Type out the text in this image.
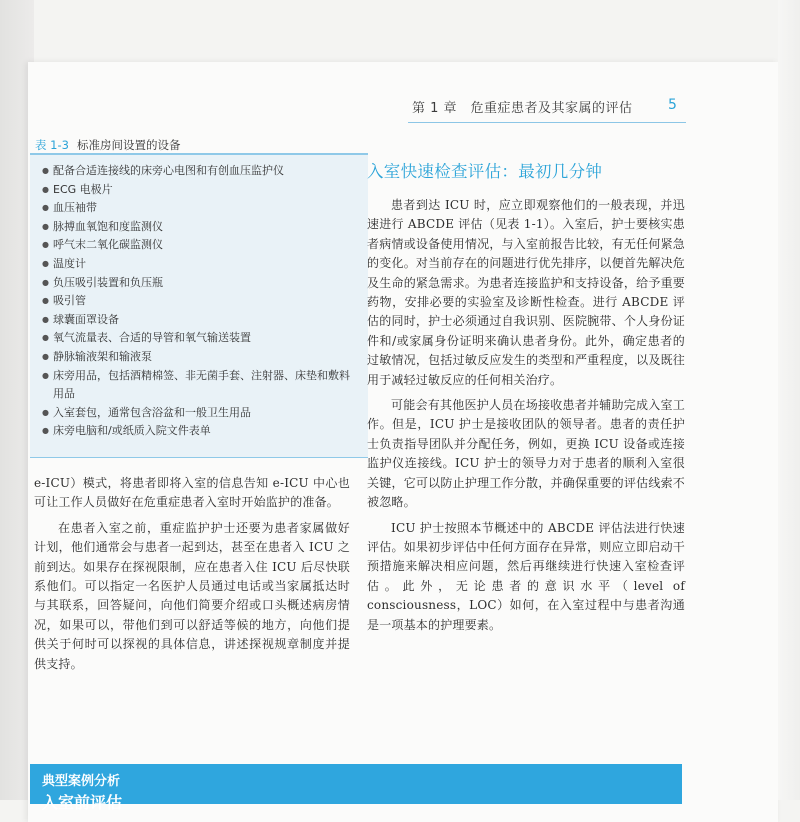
第 1 章　危重症患者及其家属的评估	5
表 1-3 标准房间设置的设备
● 配备合适连接线的床旁心电图和有创血压监护仪
● ECG 电极片
● 血压袖带
● 脉搏血氧饱和度监测仪
● 呼气末二氧化碳监测仪
● 温度计
● 负压吸引装置和负压瓶
● 吸引管
● 球囊面罩设备
● 氧气流量表、合适的导管和氧气输送装置
● 静脉输液架和输液泵
● 床旁用品，包括酒精棉签、非无菌手套、注射器、床垫和敷料用品
● 入室套包，通常包含浴盆和一般卫生用品
● 床旁电脑和/或纸质入院文件表单

e-ICU）模式，将患者即将入室的信息告知 e-ICU 中心也可让工作人员做好在危重症患者入室时开始监护的准备。

在患者入室之前，重症监护护士还要为患者家属做好计划，他们通常会与患者一起到达，甚至在患者入 ICU 之前到达。如果存在探视限制，应在患者入住 ICU 后尽快联系他们。可以指定一名医护人员通过电话或当家属抵达时与其联系，回答疑问，向他们简要介绍或口头概述病房情况，如果可以，带他们到可以舒适等候的地方，向他们提供关于何时可以探视的具体信息，讲述探视规章制度并提供支持。

入室快速检查评估：最初几分钟

患者到达 ICU 时，应立即观察他们的一般表现，并迅速进行 ABCDE 评估（见表 1-1）。入室后，护士要核实患者病情或设备使用情况，与入室前报告比较，有无任何紧急的变化。对当前存在的问题进行优先排序，以便首先解决危及生命的紧急需求。为患者连接监护和支持设备，给予重要药物，安排必要的实验室及诊断性检查。进行 ABCDE 评估的同时，护士必须通过自我识别、医院腕带、个人身份证件和/或家属身份证明来确认患者身份。此外，确定患者的过敏情况，包括过敏反应发生的类型和严重程度，以及既往用于减轻过敏反应的任何相关治疗。

可能会有其他医护人员在场接收患者并辅助完成入室工作。但是，ICU 护士是接收团队的领导者。患者的责任护士负责指导团队并分配任务，例如，更换 ICU 设备或连接监护仪连接线。ICU 护士的领导力对于患者的顺利入室很关键，它可以防止护理工作分散，并确保重要的评估线索不被忽略。

ICU 护士按照本节概述中的 ABCDE 评估法进行快速评估。如果初步评估中任何方面存在异常，则应立即启动干预措施来解决相应问题，然后再继续进行快速入室检查评估。此外，无论患者的意识水平（level of consciousness，LOC）如何，在入室过程中与患者沟通是一项基本的护理要素。

典型案例分析
入室前评估
